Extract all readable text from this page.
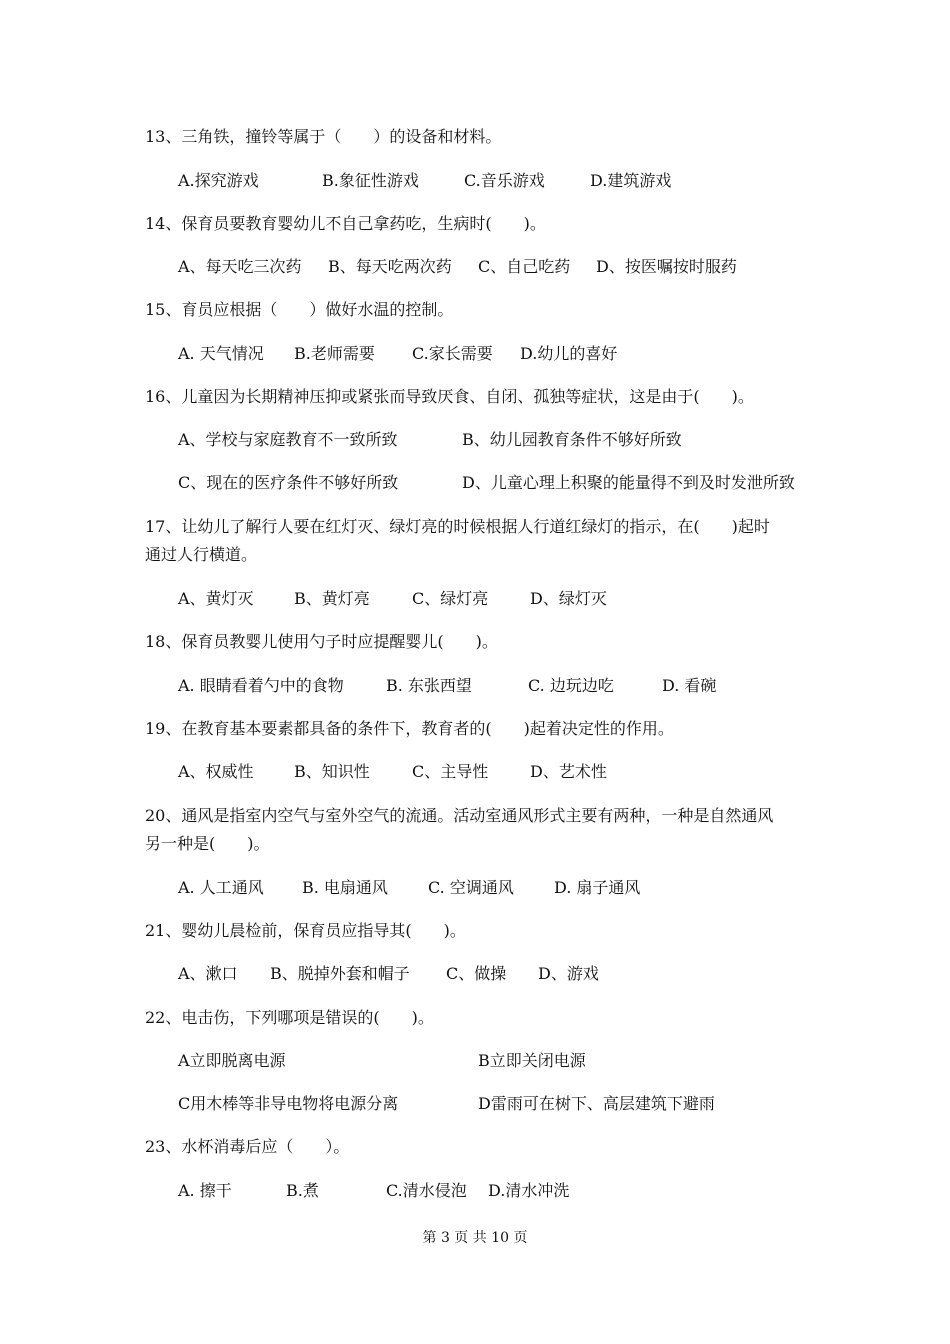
13、三角铁，撞铃等属于（　　）的设备和材料。
A.探究游戏	B.象征性游戏	C.音乐游戏	D.建筑游戏
14、保育员要教育婴幼儿不自己拿药吃，生病时(　　)。
A、每天吃三次药 B、每天吃两次药 C、自己吃药 D、按医嘱按时服药
15、育员应根据（　　）做好水温的控制。
A. 天气情况 B.老师需要 C.家长需要 D.幼儿的喜好
16、儿童因为长期精神压抑或紧张而导致厌食、自闭、孤独等症状，这是由于(　　)。
A、学校与家庭教育不一致所致	B、幼儿园教育条件不够好所致
C、现在的医疗条件不够好所致	D、儿童心理上积聚的能量得不到及时发泄所致
17、让幼儿了解行人要在红灯灭、绿灯亮的时候根据人行道红绿灯的指示，在(　　)起时
通过人行横道。
A、黄灯灭	B、黄灯亮	C、绿灯亮	D、绿灯灭
18、保育员教婴儿使用勺子时应提醒婴儿(　　)。
A. 眼睛看着勺中的食物	B. 东张西望	C. 边玩边吃	D. 看碗
19、在教育基本要素都具备的条件下，教育者的(　　)起着决定性的作用。
A、权威性	B、知识性	C、主导性	D、艺术性
20、通风是指室内空气与室外空气的流通。活动室通风形式主要有两种，一种是自然通风
另一种是(　　)。
A. 人工通风 B. 电扇通风	C. 空调通风	D. 扇子通风
21、婴幼儿晨检前，保育员应指导其(　　)。
A、漱口 B、脱掉外套和帽子 C、做操 D、游戏
22、电击伤，下列哪项是错误的(　　)。
A立即脱离电源	B立即关闭电源
C用木棒等非导电物将电源分离	D雷雨可在树下、高层建筑下避雨
23、水杯消毒后应（　　）。
A. 擦干	B.煮	C.清水侵泡 D.清水冲洗
第 3 页 共 10 页
